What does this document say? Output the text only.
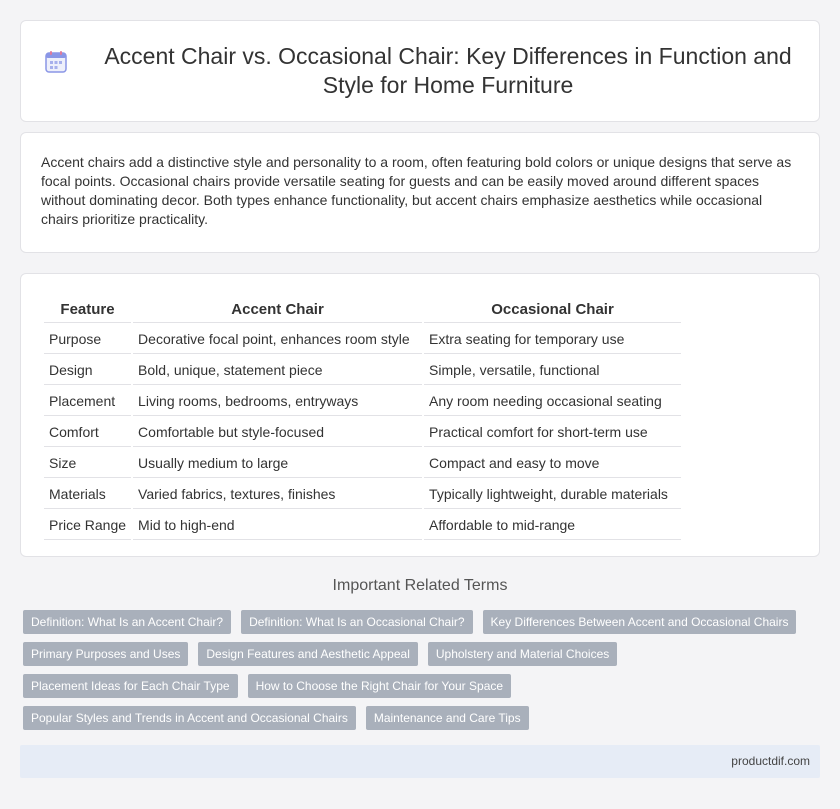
Accent Chair vs. Occasional Chair: Key Differences in Function and Style for Home Furniture

Accent chairs add a distinctive style and personality to a room, often featuring bold colors or unique designs that serve as focal points. Occasional chairs provide versatile seating for guests and can be easily moved around different spaces without dominating decor. Both types enhance functionality, but accent chairs emphasize aesthetics while occasional chairs prioritize practicality.

Feature	Accent Chair	Occasional Chair
Purpose	Decorative focal point, enhances room style	Extra seating for temporary use
Design	Bold, unique, statement piece	Simple, versatile, functional
Placement	Living rooms, bedrooms, entryways	Any room needing occasional seating
Comfort	Comfortable but style-focused	Practical comfort for short-term use
Size	Usually medium to large	Compact and easy to move
Materials	Varied fabrics, textures, finishes	Typically lightweight, durable materials
Price Range	Mid to high-end	Affordable to mid-range
Important Related Terms
Definition: What Is an Accent Chair?	Definition: What Is an Occasional Chair?	Key Differences Between Accent and Occasional Chairs
Primary Purposes and Uses	Design Features and Aesthetic Appeal	Upholstery and Material Choices
Placement Ideas for Each Chair Type	How to Choose the Right Chair for Your Space
Popular Styles and Trends in Accent and Occasional Chairs	Maintenance and Care Tips
productdif.com
